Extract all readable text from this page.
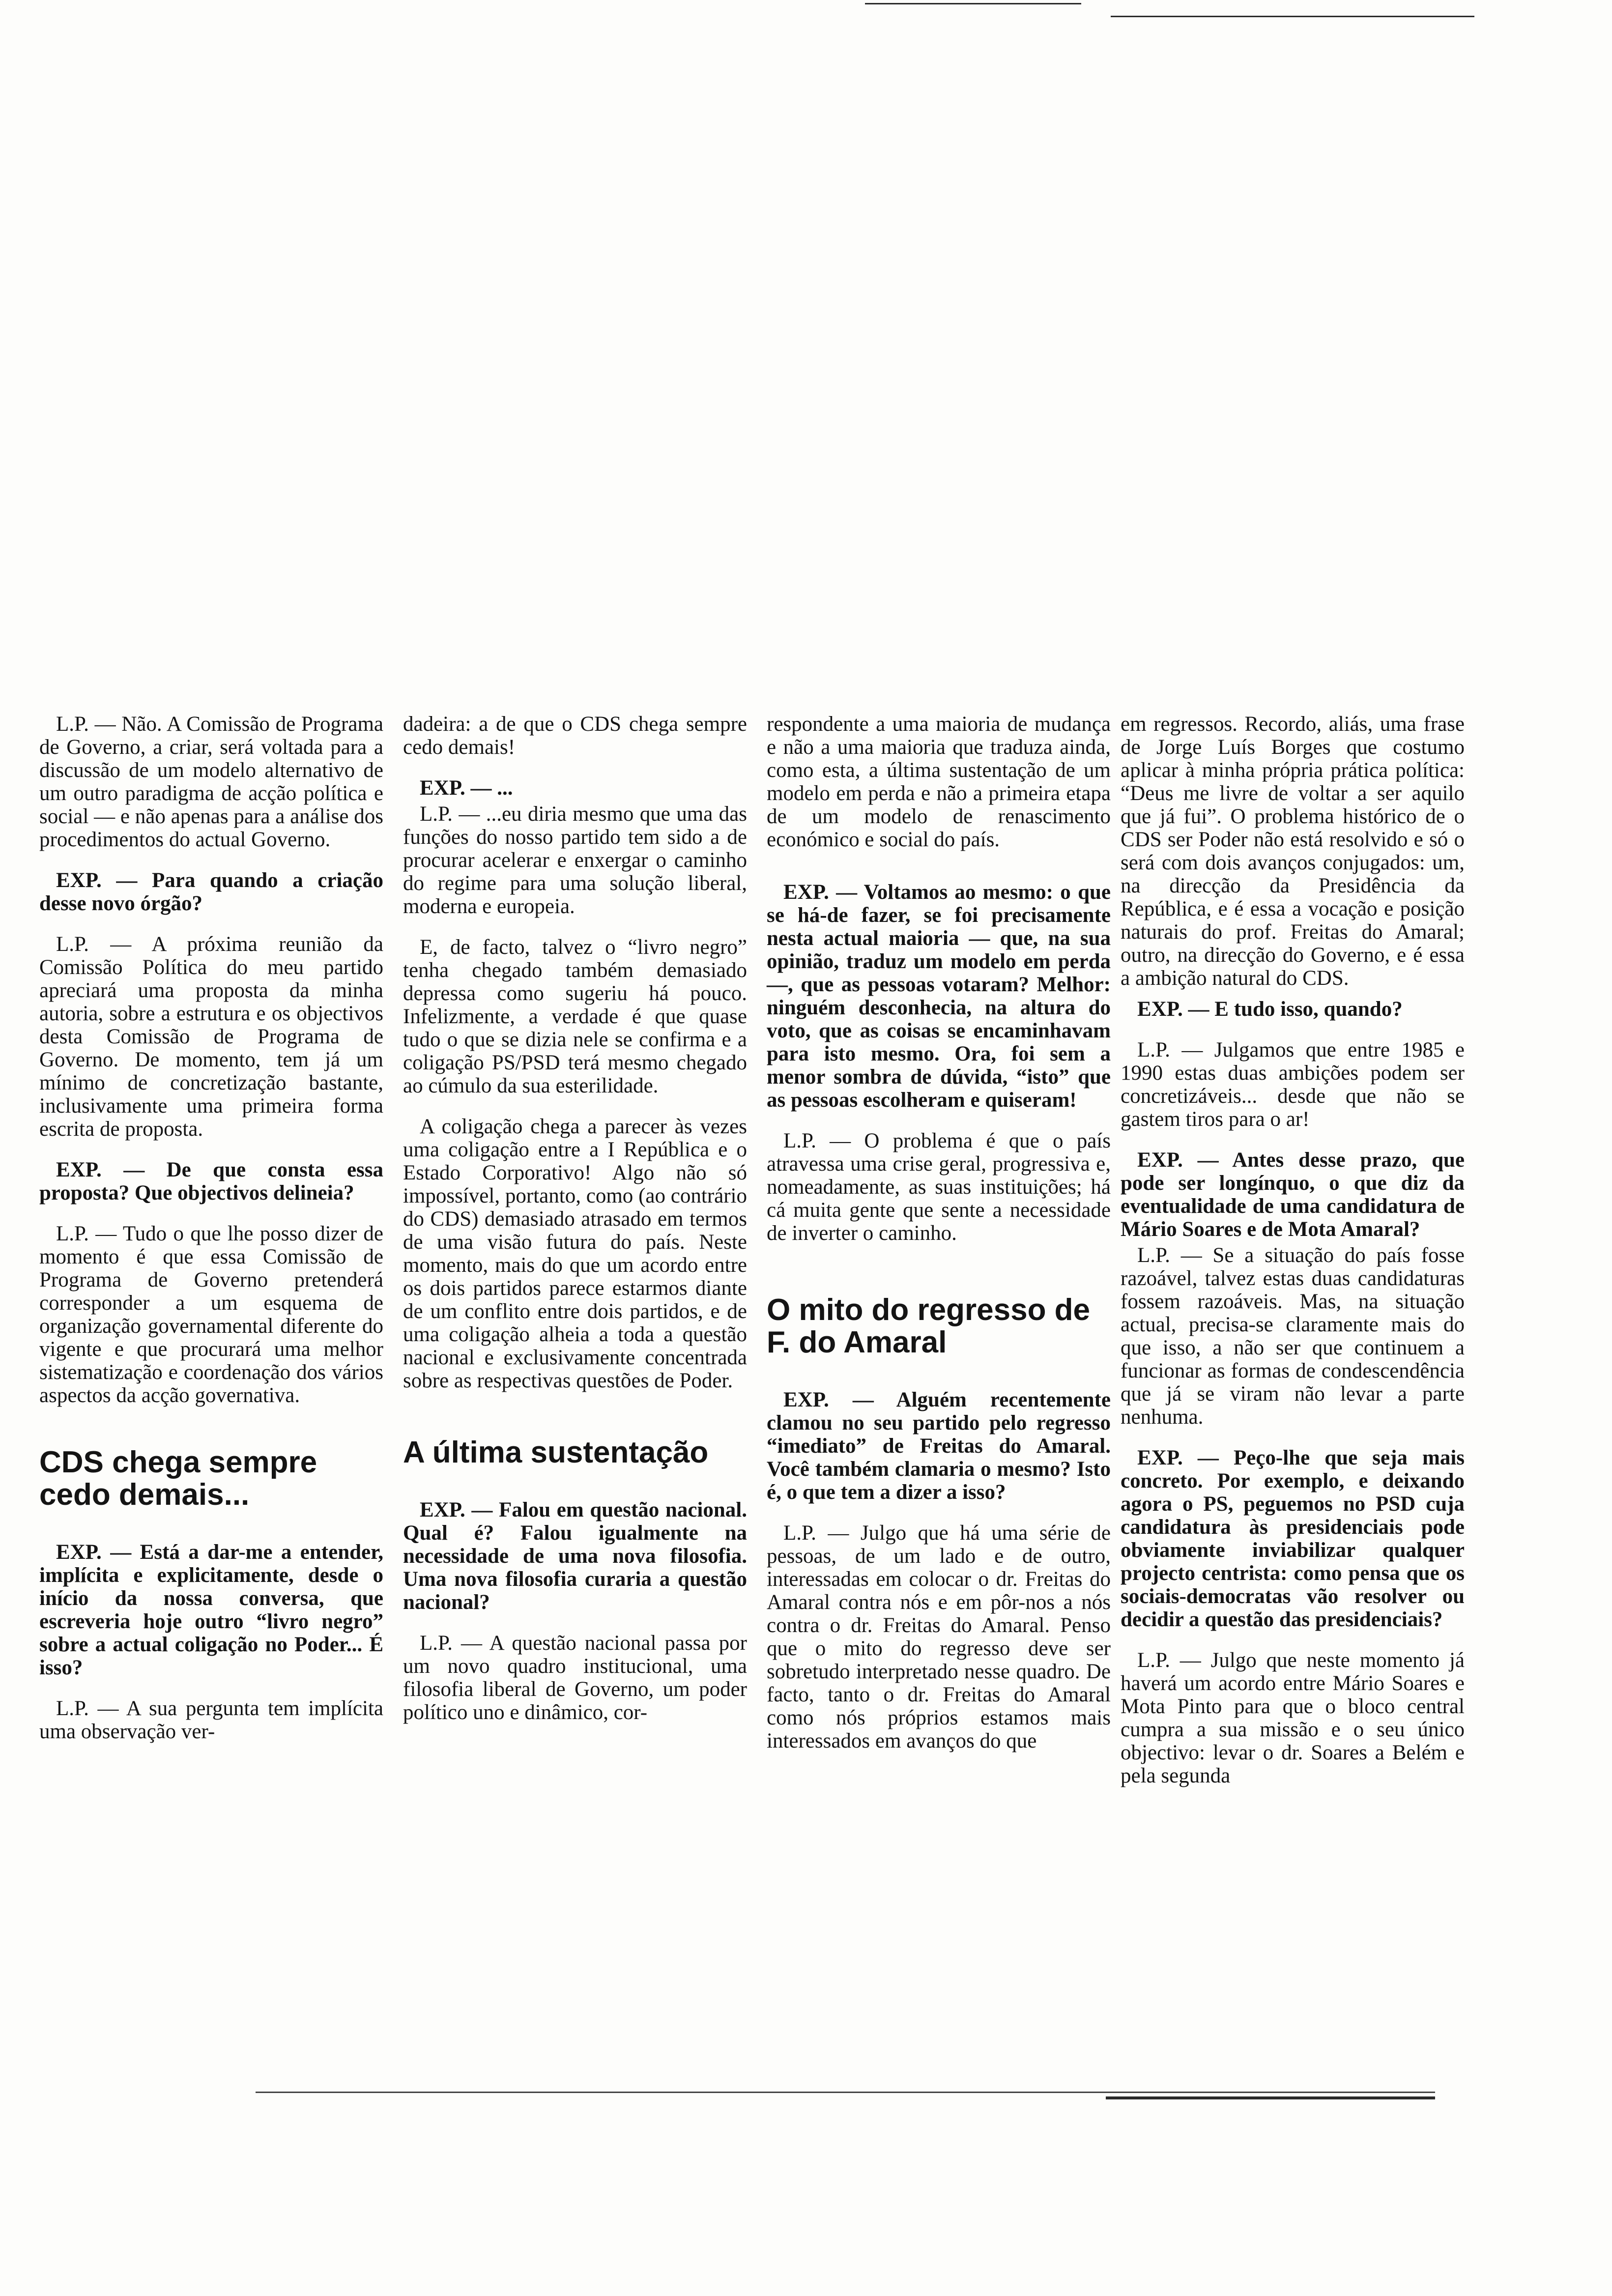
L.P. — Não. A Comissão de Programa de Governo, a criar, será voltada para a discussão de um modelo alternativo de um outro paradigma de acção política e social — e não apenas para a análise dos procedimentos do actual Governo.

EXP. — Para quando a criação desse novo órgão?

L.P. — A próxima reunião da Comissão Política do meu partido apreciará uma proposta da minha autoria, sobre a estrutura e os objectivos desta Comissão de Programa de Governo. De momento, tem já um mínimo de concretização bastante, inclusivamente uma primeira forma escrita de proposta.

EXP. — De que consta essa proposta? Que objectivos delineia?

L.P. — Tudo o que lhe posso dizer de momento é que essa Comissão de Programa de Governo pretenderá corresponder a um esquema de organização governamental diferente do vigente e que procurará uma melhor sistematização e coordenação dos vários aspectos da acção governativa.

CDS chega sempre cedo demais...

EXP. — Está a dar-me a entender, implícita e explicitamente, desde o início da nossa conversa, que escreveria hoje outro “livro negro” sobre a actual coligação no Poder... É isso?

L.P. — A sua pergunta tem implícita uma observação ver-

dadeira: a de que o CDS chega sempre cedo demais!

EXP. — ...

L.P. — ...eu diria mesmo que uma das funções do nosso partido tem sido a de procurar acelerar e enxergar o caminho do regime para uma solução liberal, moderna e europeia.

E, de facto, talvez o “livro negro” tenha chegado também demasiado depressa como sugeriu há pouco. Infelizmente, a verdade é que quase tudo o que se dizia nele se confirma e a coligação PS/PSD terá mesmo chegado ao cúmulo da sua esterilidade.

A coligação chega a parecer às vezes uma coligação entre a I República e o Estado Corporativo! Algo não só impossível, portanto, como (ao contrário do CDS) demasiado atrasado em termos de uma visão futura do país. Neste momento, mais do que um acordo entre os dois partidos parece estarmos diante de um conflito entre dois partidos, e de uma coligação alheia a toda a questão nacional e exclusivamente concentrada sobre as respectivas questões de Poder.

A última sustentação

EXP. — Falou em questão nacional. Qual é? Falou igualmente na necessidade de uma nova filosofia. Uma nova filosofia curaria a questão nacional?

L.P. — A questão nacional passa por um novo quadro institucional, uma filosofia liberal de Governo, um poder político uno e dinâmico, cor-

respondente a uma maioria de mudança e não a uma maioria que traduza ainda, como esta, a última sustentação de um modelo em perda e não a primeira etapa de um modelo de renascimento económico e social do país.

EXP. — Voltamos ao mesmo: o que se há-de fazer, se foi precisamente nesta actual maioria — que, na sua opinião, traduz um modelo em perda —, que as pessoas votaram? Melhor: ninguém desconhecia, na altura do voto, que as coisas se encaminhavam para isto mesmo. Ora, foi sem a menor sombra de dúvida, “isto” que as pessoas escolheram e quiseram!

L.P. — O problema é que o país atravessa uma crise geral, progressiva e, nomeadamente, as suas instituições; há cá muita gente que sente a necessidade de inverter o caminho.

O mito do regresso de F. do Amaral

EXP. — Alguém recentemente clamou no seu partido pelo regresso “imediato” de Freitas do Amaral. Você também clamaria o mesmo? Isto é, o que tem a dizer a isso?

L.P. — Julgo que há uma série de pessoas, de um lado e de outro, interessadas em colocar o dr. Freitas do Amaral contra nós e em pôr-nos a nós contra o dr. Freitas do Amaral. Penso que o mito do regresso deve ser sobretudo interpretado nesse quadro. De facto, tanto o dr. Freitas do Amaral como nós próprios estamos mais interessados em avanços do que

em regressos. Recordo, aliás, uma frase de Jorge Luís Borges que costumo aplicar à minha própria prática política: “Deus me livre de voltar a ser aquilo que já fui”. O problema histórico de o CDS ser Poder não está resolvido e só o será com dois avanços conjugados: um, na direcção da Presidência da República, e é essa a vocação e posição naturais do prof. Freitas do Amaral; outro, na direcção do Governo, e é essa a ambição natural do CDS.

EXP. — E tudo isso, quando?

L.P. — Julgamos que entre 1985 e 1990 estas duas ambições podem ser concretizáveis... desde que não se gastem tiros para o ar!

EXP. — Antes desse prazo, que pode ser longínquo, o que diz da eventualidade de uma candidatura de Mário Soares e de Mota Amaral?

L.P. — Se a situação do país fosse razoável, talvez estas duas candidaturas fossem razoáveis. Mas, na situação actual, precisa-se claramente mais do que isso, a não ser que continuem a funcionar as formas de condescendência que já se viram não levar a parte nenhuma.

EXP. — Peço-lhe que seja mais concreto. Por exemplo, e deixando agora o PS, peguemos no PSD cuja candidatura às presidenciais pode obviamente inviabilizar qualquer projecto centrista: como pensa que os sociais-democratas vão resolver ou decidir a questão das presidenciais?

L.P. — Julgo que neste momento já haverá um acordo entre Mário Soares e Mota Pinto para que o bloco central cumpra a sua missão e o seu único objectivo: levar o dr. Soares a Belém e pela segunda
